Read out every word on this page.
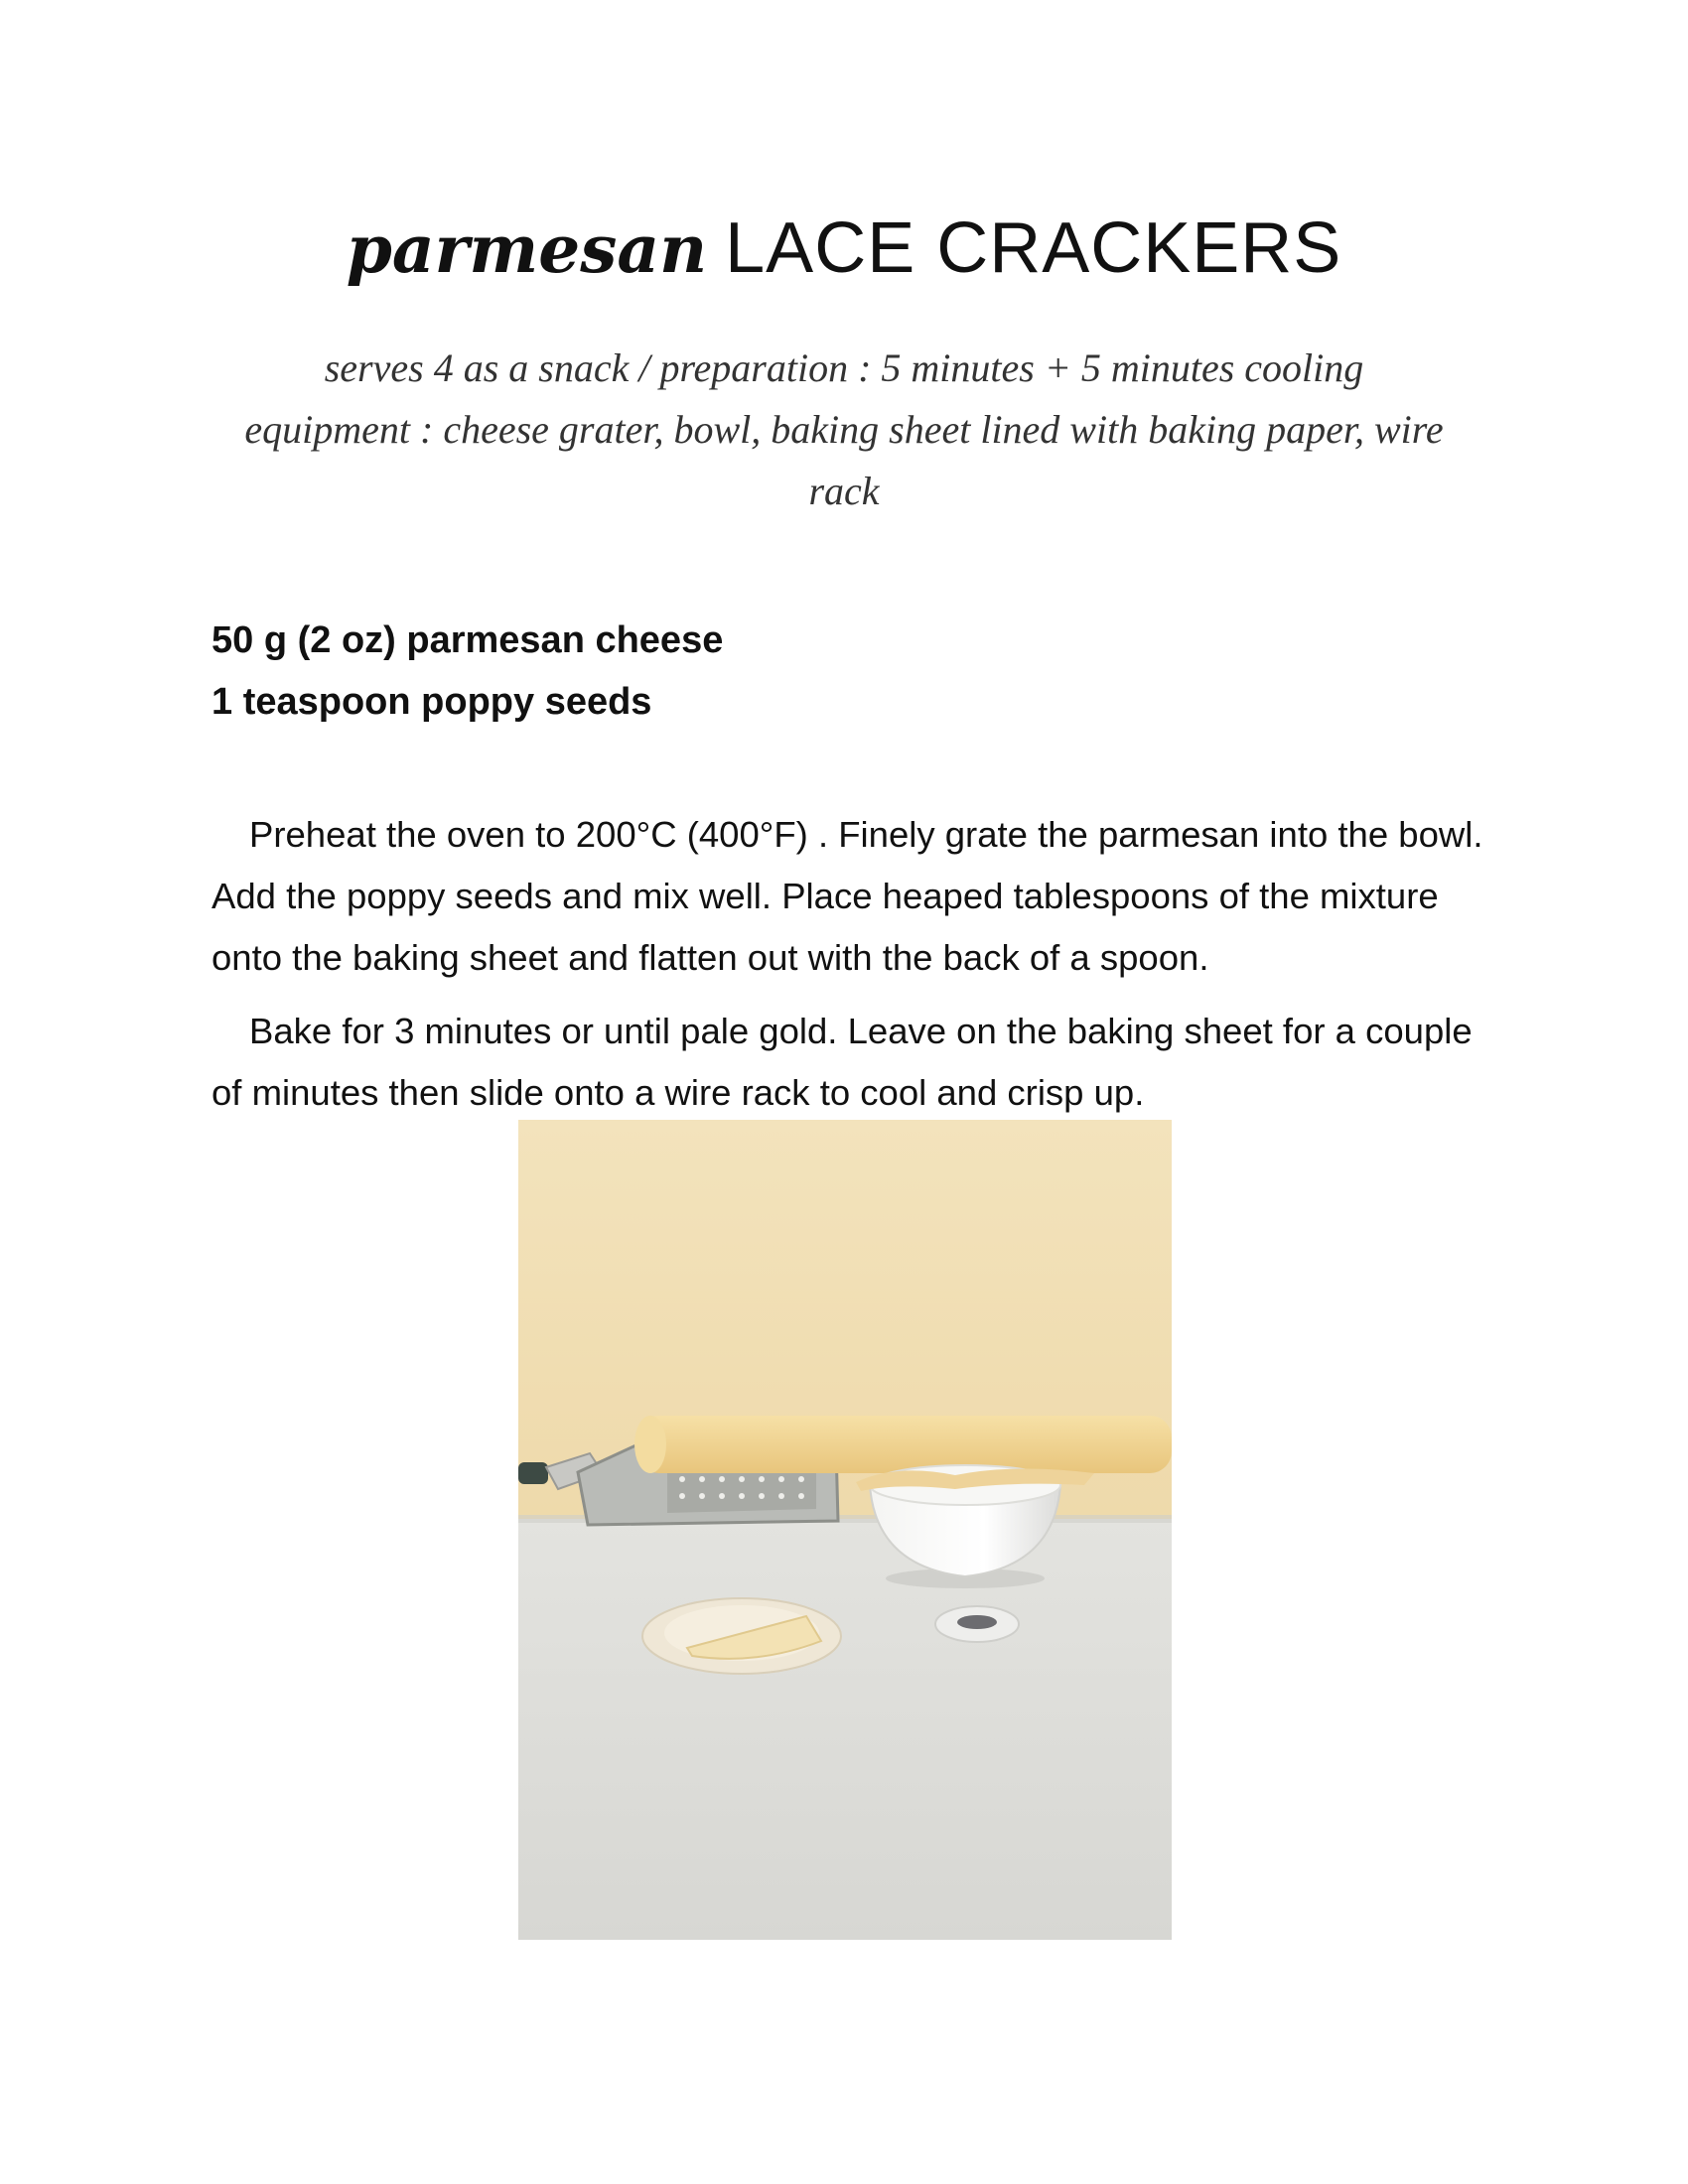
parmesan LACE CRACKERS
serves 4 as a snack / preparation : 5 minutes + 5 minutes cooling
equipment : cheese grater, bowl, baking sheet lined with baking paper, wire
rack
50 g (2 oz) parmesan cheese
1 teaspoon poppy seeds

Preheat the oven to 200°C (400°F) . Finely grate the parmesan into the bowl. Add the poppy seeds and mix well. Place heaped tablespoons of the mixture onto the baking sheet and flatten out with the back of a spoon.

Bake for 3 minutes or until pale gold. Leave on the baking sheet for a couple of minutes then slide onto a wire rack to cool and crisp up.
